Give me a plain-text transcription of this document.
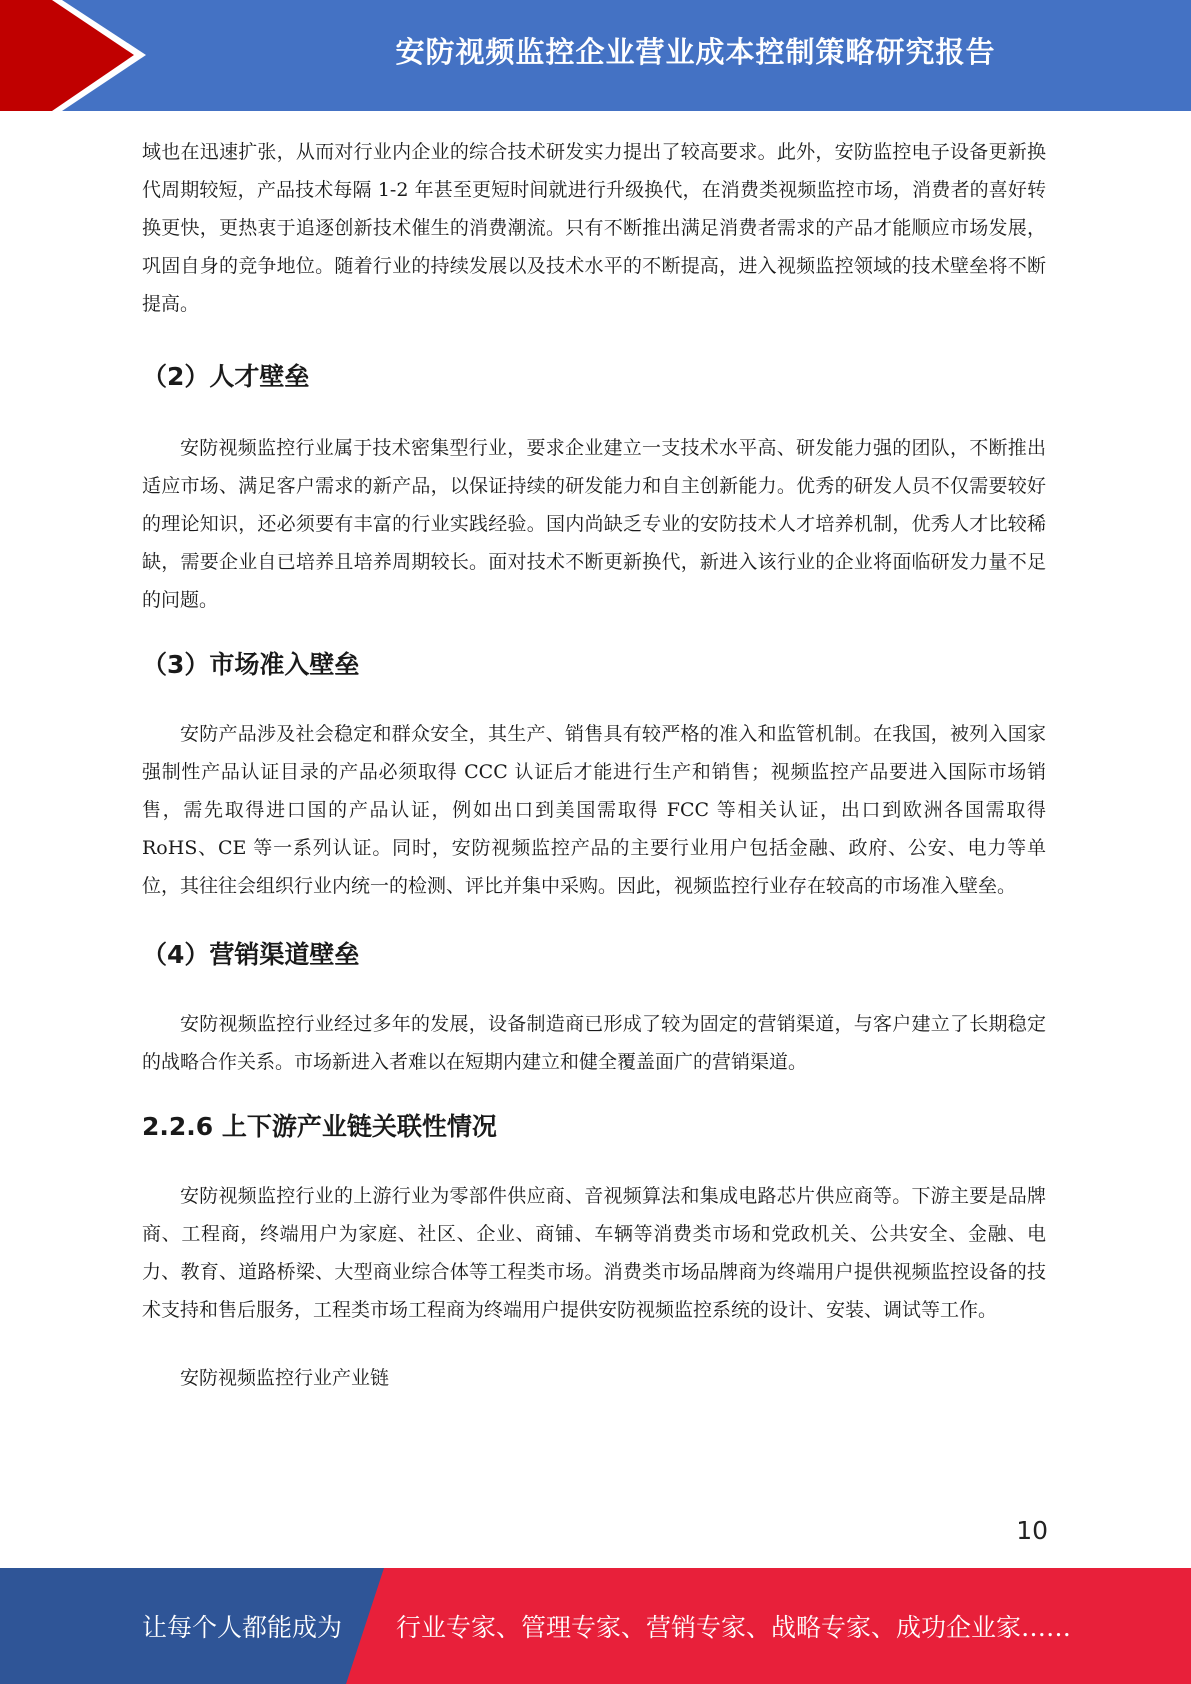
安防视频监控企业营业成本控制策略研究报告

域也在迅速扩张，从而对行业内企业的综合技术研发实力提出了较高要求。此外，安防监控电子设备更新换代周期较短，产品技术每隔 1-2 年甚至更短时间就进行升级换代，在消费类视频监控市场，消费者的喜好转换更快，更热衷于追逐创新技术催生的消费潮流。只有不断推出满足消费者需求的产品才能顺应市场发展，巩固自身的竞争地位。随着行业的持续发展以及技术水平的不断提高，进入视频监控领域的技术壁垒将不断提高。

（2）人才壁垒

安防视频监控行业属于技术密集型行业，要求企业建立一支技术水平高、研发能力强的团队，不断推出适应市场、满足客户需求的新产品，以保证持续的研发能力和自主创新能力。优秀的研发人员不仅需要较好的理论知识，还必须要有丰富的行业实践经验。国内尚缺乏专业的安防技术人才培养机制，优秀人才比较稀缺，需要企业自已培养且培养周期较长。面对技术不断更新换代，新进入该行业的企业将面临研发力量不足的问题。

（3）市场准入壁垒

安防产品涉及社会稳定和群众安全，其生产、销售具有较严格的准入和监管机制。在我国，被列入国家强制性产品认证目录的产品必须取得 CCC 认证后才能进行生产和销售；视频监控产品要进入国际市场销售，需先取得进口国的产品认证，例如出口到美国需取得 FCC 等相关认证，出口到欧洲各国需取得 RoHS、CE 等一系列认证。同时，安防视频监控产品的主要行业用户包括金融、政府、公安、电力等单位，其往往会组织行业内统一的检测、评比并集中采购。因此，视频监控行业存在较高的市场准入壁垒。

（4）营销渠道壁垒

安防视频监控行业经过多年的发展，设备制造商已形成了较为固定的营销渠道，与客户建立了长期稳定的战略合作关系。市场新进入者难以在短期内建立和健全覆盖面广的营销渠道。

2.2.6 上下游产业链关联性情况

安防视频监控行业的上游行业为零部件供应商、音视频算法和集成电路芯片供应商等。下游主要是品牌商、工程商，终端用户为家庭、社区、企业、商铺、车辆等消费类市场和党政机关、公共安全、金融、电力、教育、道路桥梁、大型商业综合体等工程类市场。消费类市场品牌商为终端用户提供视频监控设备的技术支持和售后服务，工程类市场工程商为终端用户提供安防视频监控系统的设计、安装、调试等工作。

安防视频监控行业产业链

10
让每个人都能成为 行业专家、管理专家、营销专家、战略专家、成功企业家……
